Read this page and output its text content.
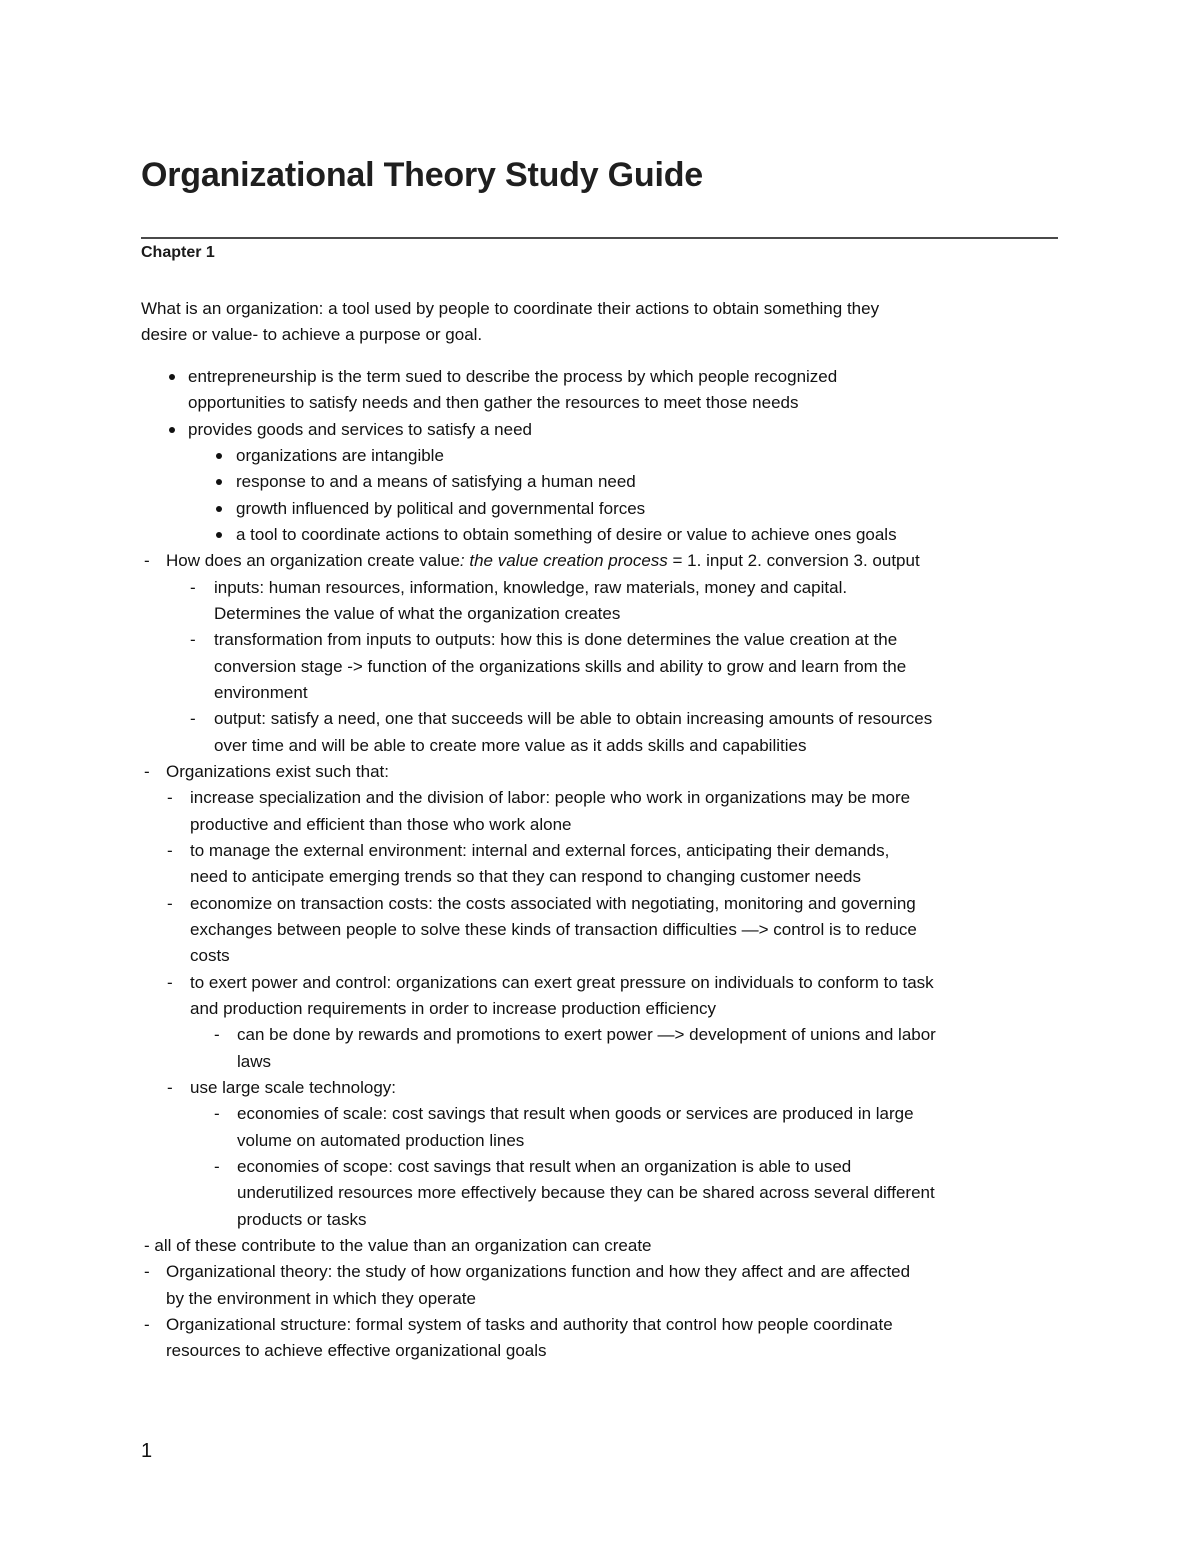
Organizational Theory Study Guide
Chapter 1
What is an organization: a tool used by people to coordinate their actions to obtain something they
desire or value- to achieve a purpose or goal.
entrepreneurship is the term sued to describe the process by which people recognized
opportunities to satisfy needs and then gather the resources to meet those needs
provides goods and services to satisfy a need
organizations are intangible
response to and a means of satisfying a human need
growth influenced by political and governmental forces
a tool to coordinate actions to obtain something of desire or value to achieve ones goals
- How does an organization create value: the value creation process = 1. input 2. conversion 3. output
- inputs: human resources, information, knowledge, raw materials, money and capital.
Determines the value of what the organization creates
- transformation from inputs to outputs: how this is done determines the value creation at the
conversion stage -> function of the organizations skills and ability to grow and learn from the
environment
- output: satisfy a need, one that succeeds will be able to obtain increasing amounts of resources
over time and will be able to create more value as it adds skills and capabilities
- Organizations exist such that:
- increase specialization and the division of labor: people who work in organizations may be more
productive and efficient than those who work alone
- to manage the external environment: internal and external forces, anticipating their demands,
need to anticipate emerging trends so that they can respond to changing customer needs
- economize on transaction costs: the costs associated with negotiating, monitoring and governing
exchanges between people to solve these kinds of transaction difficulties —> control is to reduce
costs
- to exert power and control: organizations can exert great pressure on individuals to conform to task
and production requirements in order to increase production efficiency
- can be done by rewards and promotions to exert power —> development of unions and labor
laws
- use large scale technology:
- economies of scale: cost savings that result when goods or services are produced in large
volume on automated production lines
- economies of scope: cost savings that result when an organization is able to used
underutilized resources more effectively because they can be shared across several different
products or tasks
- all of these contribute to the value than an organization can create
- Organizational theory: the study of how organizations function and how they affect and are affected
by the environment in which they operate
- Organizational structure: formal system of tasks and authority that control how people coordinate
resources to achieve effective organizational goals
1
